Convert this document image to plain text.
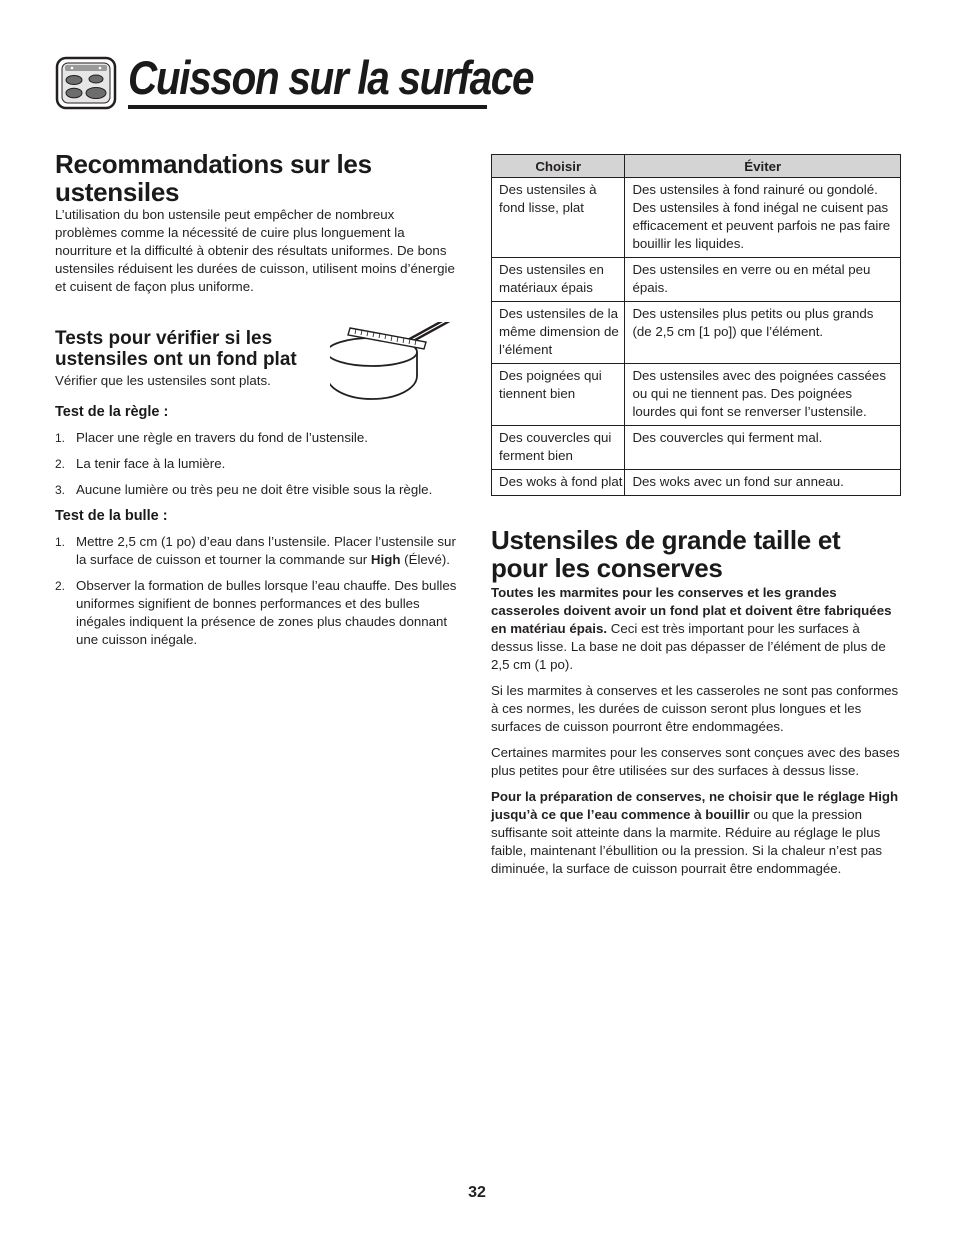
Cuisson sur la surface
Recommandations sur les ustensiles

L’utilisation du bon ustensile peut empêcher de nombreux problèmes comme la nécessité de cuire plus longuement la nourriture et la difficulté à obtenir des résultats uniformes. De bons ustensiles réduisent les durées de cuisson, utilisent moins d’énergie et cuisent de façon plus uniforme.

Tests pour vérifier si les ustensiles ont un fond plat

Vérifier que les ustensiles sont plats.

Test de la règle :
1. Placer une règle en travers du fond de l’ustensile.
2. La tenir face à la lumière.
3. Aucune lumière ou très peu ne doit être visible sous la règle.
Test de la bulle :
1. Mettre 2,5 cm (1 po) d’eau dans l’ustensile. Placer l’ustensile sur la surface de cuisson et tourner la commande sur High (Élevé).
2. Observer la formation de bulles lorsque l’eau chauffe. Des bulles uniformes signifient de bonnes performances et des bulles inégales indiquent la présence de zones plus chaudes donnant une cuisson inégale.
Choisir	Éviter
Des ustensiles à fond lisse, plat	Des ustensiles à fond rainuré ou gondolé. Des ustensiles à fond inégal ne cuisent pas efficacement et peuvent parfois ne pas faire bouillir les liquides.
Des ustensiles en matériaux épais	Des ustensiles en verre ou en métal peu épais.
Des ustensiles de la même dimension de l’élément	Des ustensiles plus petits ou plus grands (de 2,5 cm [1 po]) que l’élément.
Des poignées qui tiennent bien	Des ustensiles avec des poignées cassées ou qui ne tiennent pas. Des poignées lourdes qui font se renverser l’ustensile.
Des couvercles qui ferment bien	Des couvercles qui ferment mal.
Des woks à fond plat	Des woks avec un fond sur anneau.
Ustensiles de grande taille et pour les conserves

Toutes les marmites pour les conserves et les grandes casseroles doivent avoir un fond plat et doivent être fabriquées en matériau épais. Ceci est très important pour les surfaces à dessus lisse. La base ne doit pas dépasser de l’élément de plus de 2,5 cm (1 po).

Si les marmites à conserves et les casseroles ne sont pas conformes à ces normes, les durées de cuisson seront plus longues et les surfaces de cuisson pourront être endommagées.

Certaines marmites pour les conserves sont conçues avec des bases plus petites pour être utilisées sur des surfaces à dessus lisse.

Pour la préparation de conserves, ne choisir que le réglage High jusqu’à ce que l’eau commence à bouillir ou que la pression suffisante soit atteinte dans la marmite. Réduire au réglage le plus faible, maintenant l’ébullition ou la pression. Si la chaleur n’est pas diminuée, la surface de cuisson pourrait être endommagée.

32
